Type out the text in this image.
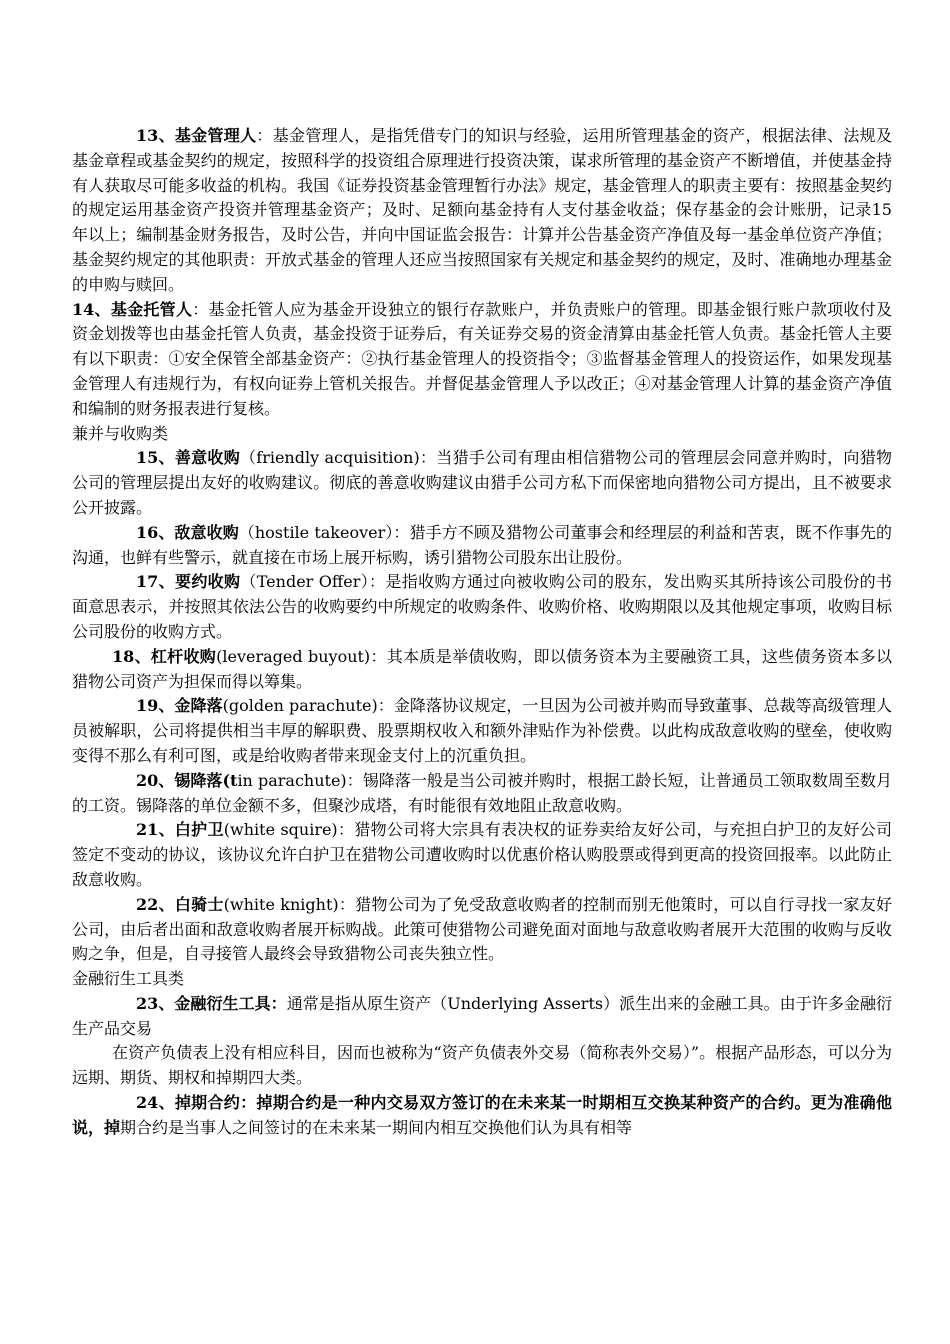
13、基金管理人：基金管理人，是指凭借专门的知识与经验，运用所管理基金的资产，根据法律、法规及基金章程或基金契约的规定，按照科学的投资组合原理进行投资决策，谋求所管理的基金资产不断增值，并使基金持有人获取尽可能多收益的机构。我国《证券投资基金管理暂行办法》规定，基金管理人的职责主要有：按照基金契约的规定运用基金资产投资并管理基金资产；及时、足额向基金持有人支付基金收益；保存基金的会计账册，记录15年以上；编制基金财务报告，及时公告，并向中国证监会报告：计算并公告基金资产净值及每一基金单位资产净值；基金契约规定的其他职责：开放式基金的管理人还应当按照国家有关规定和基金契约的规定，及时、准确地办理基金的申购与赎回。

14、基金托管人：基金托管人应为基金开设独立的银行存款账户，并负责账户的管理。即基金银行账户款项收付及资金划拨等也由基金托管人负责，基金投资于证券后，有关证券交易的资金清算由基金托管人负责。基金托管人主要有以下职责：①安全保管全部基金资产：②执行基金管理人的投资指令；③监督基金管理人的投资运作，如果发现基金管理人有违规行为，有权向证券上管机关报告。并督促基金管理人予以改正；④对基金管理人计算的基金资产净值和编制的财务报表进行复核。

兼并与收购类

15、善意收购（friendly acquisition)：当猎手公司有理由相信猎物公司的管理层会同意并购时，向猎物公司的管理层提出友好的收购建议。彻底的善意收购建议由猎手公司方私下而保密地向猎物公司方提出，且不被要求公开披露。

16、敌意收购（hostile takeover）：猎手方不顾及猎物公司董事会和经理层的利益和苦衷，既不作事先的沟通，也鲜有些警示，就直接在市场上展开标购，诱引猎物公司股东出让股份。

17、要约收购（Tender Offer）：是指收购方通过向被收购公司的股东，发出购买其所持该公司股份的书面意思表示，并按照其依法公告的收购要约中所规定的收购条件、收购价格、收购期限以及其他规定事项，收购目标公司股份的收购方式。

18、杠杆收购(leveraged buyout)：其本质是举债收购，即以债务资本为主要融资工具，这些债务资本多以猎物公司资产为担保而得以筹集。

19、金降落(golden parachute)：金降落协议规定，一旦因为公司被并购而导致董事、总裁等高级管理人员被解职，公司将提供相当丰厚的解职费、股票期权收入和额外津贴作为补偿费。以此构成敌意收购的壁垒，使收购变得不那么有利可图，或是给收购者带来现金支付上的沉重负担。

20、锡降落(tin parachute)：锡降落一般是当公司被并购时，根据工龄长短，让普通员工领取数周至数月的工资。锡降落的单位金额不多，但聚沙成塔，有时能很有效地阻止敌意收购。

21、白护卫(white squire)：猎物公司将大宗具有表决权的证券卖给友好公司，与充担白护卫的友好公司签定不变动的协议，该协议允许白护卫在猎物公司遭收购时以优惠价格认购股票或得到更高的投资回报率。以此防止敌意收购。

22、白骑士(white knight)：猎物公司为了免受敌意收购者的控制而别无他策时，可以自行寻找一家友好公司，由后者出面和敌意收购者展开标购战。此策可使猎物公司避免面对面地与敌意收购者展开大范围的收购与反收购之争，但是，自寻接管人最终会导致猎物公司丧失独立性。

金融衍生工具类

23、金融衍生工具：通常是指从原生资产（Underlying Asserts）派生出来的金融工具。由于许多金融衍生产品交易

在资产负债表上没有相应科目，因而也被称为“资产负债表外交易（简称表外交易）”。根据产品形态，可以分为远期、期货、期权和掉期四大类。

24、掉期合约：掉期合约是一种内交易双方签订的在未来某一时期相互交换某种资产的合约。更为准确他说，掉期合约是当事人之间签讨的在未来某一期间内相互交换他们认为具有相等
